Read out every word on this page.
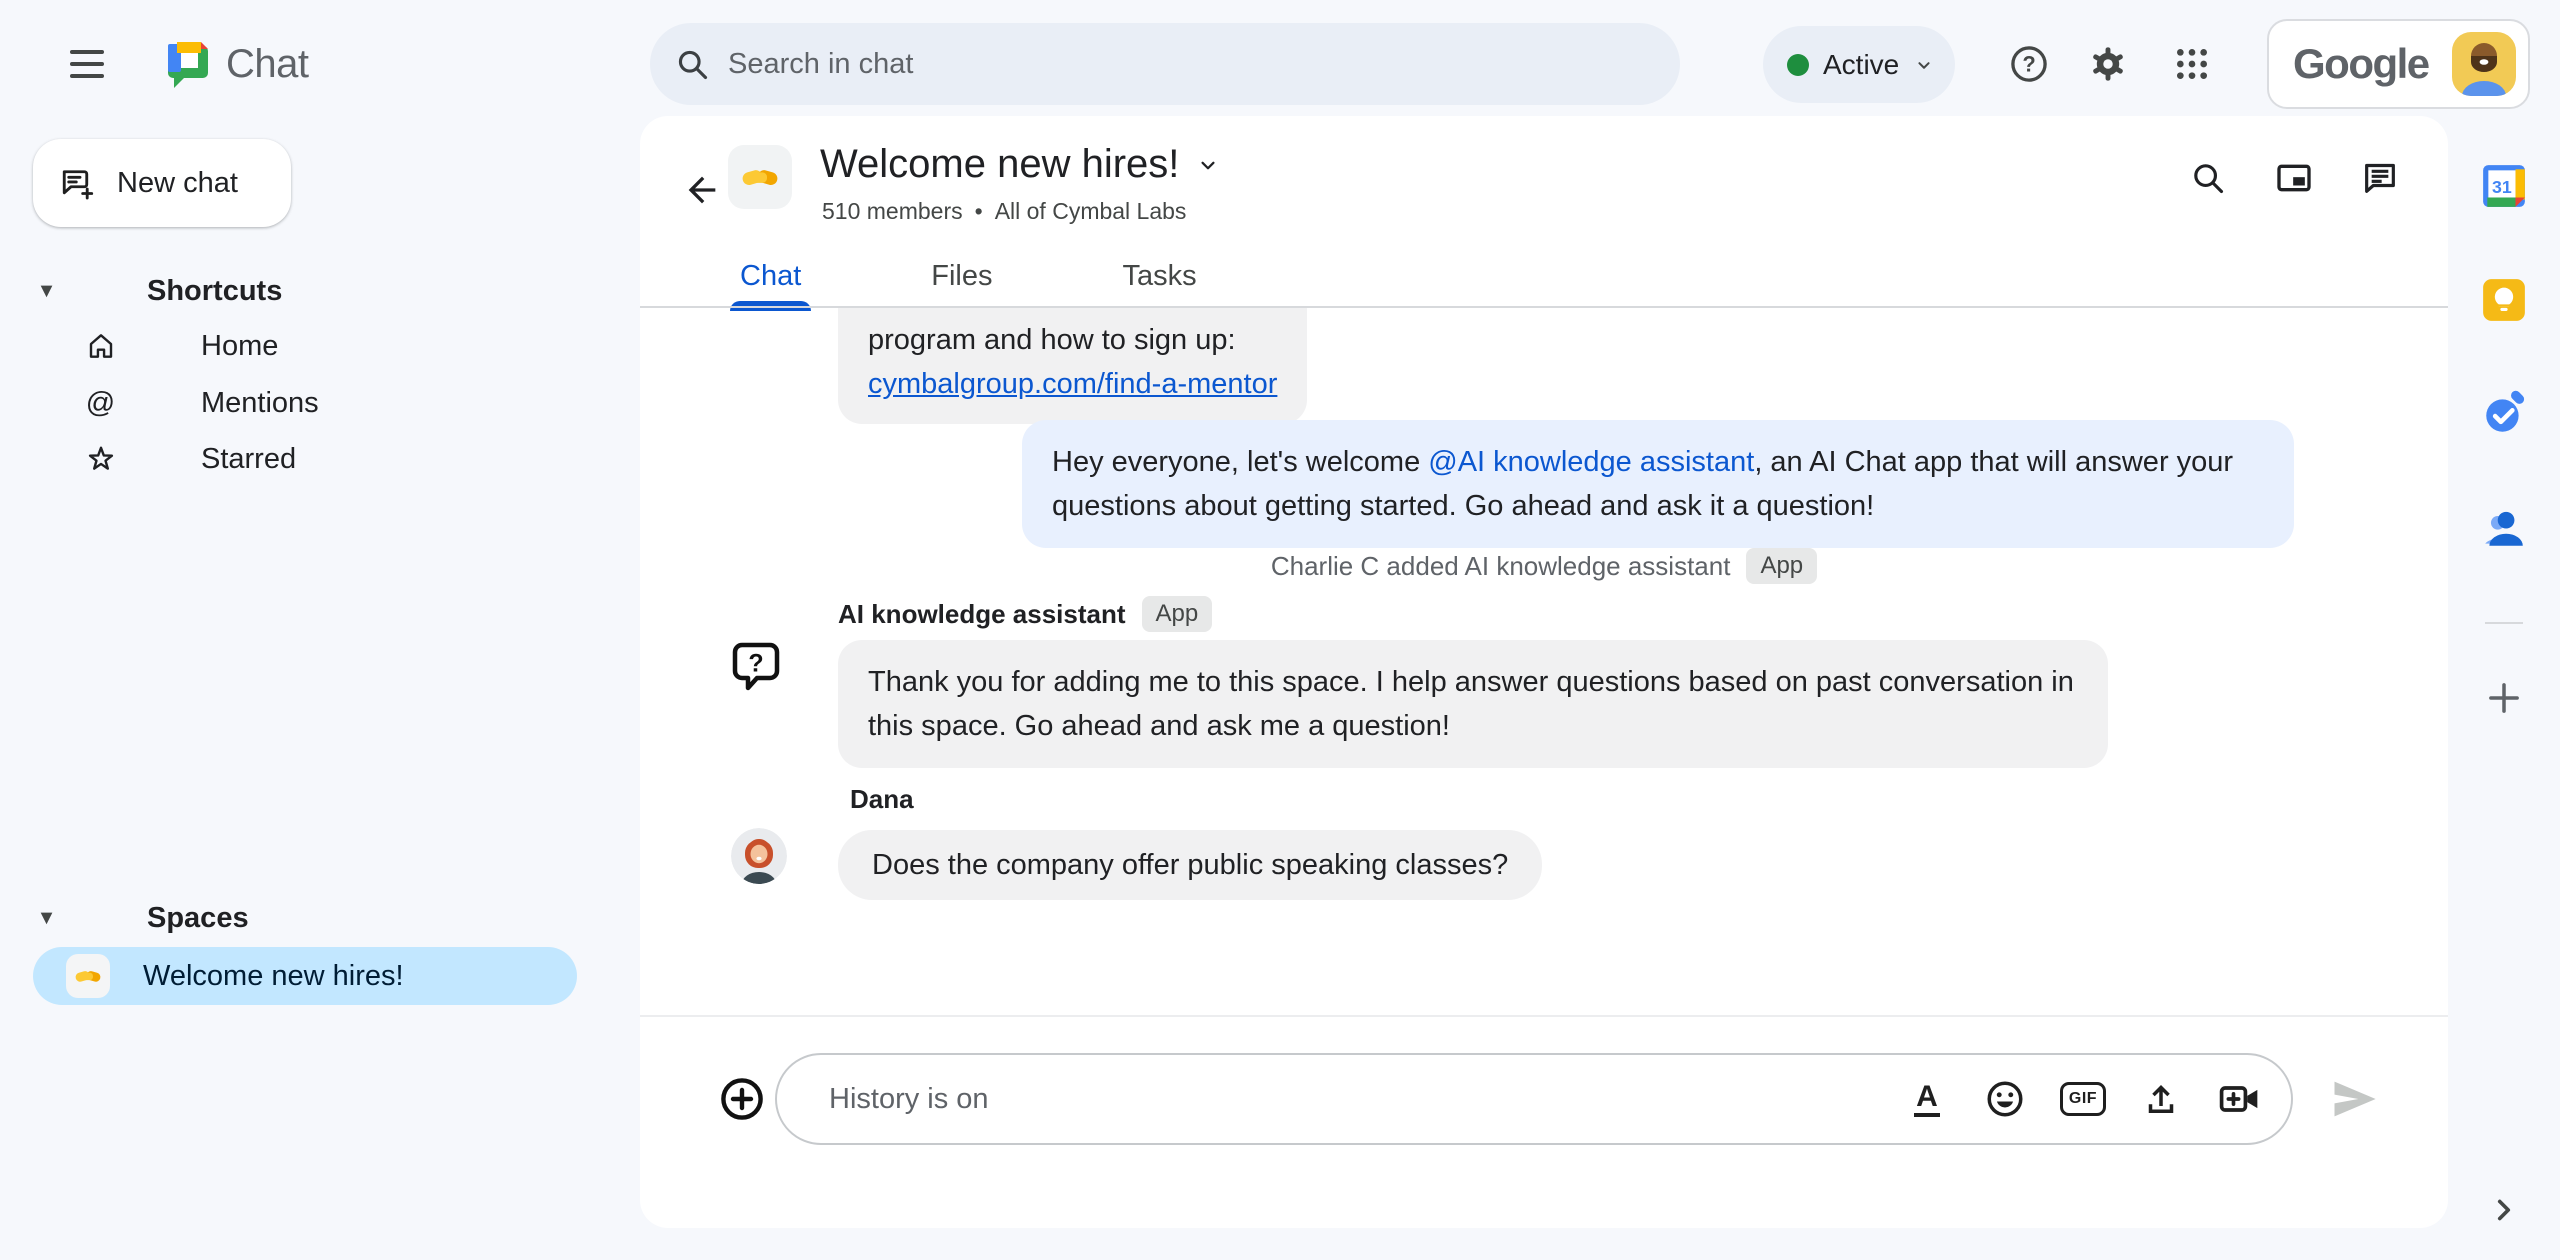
Chat
Search in chat	Active	?	Google
New chat
▼	Shortcuts
Home
@	Mentions
Starred
▼	Spaces
Welcome new hires!
Welcome new hires!
510 members • All of Cymbal Labs
Chat	Files	Tasks
program and how to sign up:
cymbalgroup.com/find-a-mentor
Hey everyone, let's welcome @AI knowledge assistant, an AI Chat app that will answer your questions about getting started. Go ahead and ask it a question!
Charlie C added AI knowledge assistant	App
AI knowledge assistant	App
?
Thank you for adding me to this space. I help answer questions based on past conversation in this space. Go ahead and ask me a question!
Dana
Does the company offer public speaking classes?
History is on	A	GIF
31
